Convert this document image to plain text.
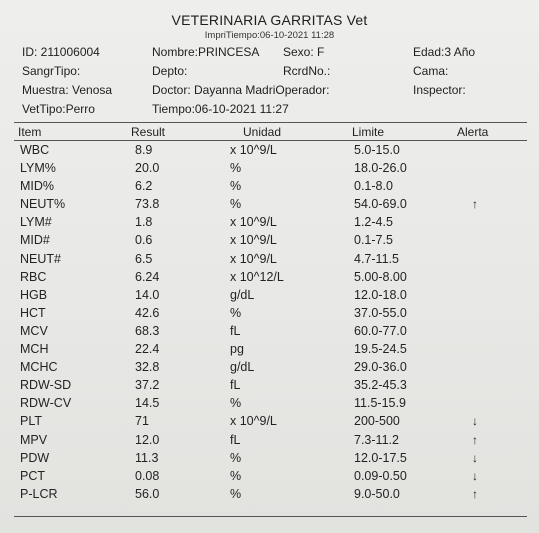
VETERINARIA GARRITAS Vet
ImpriTiempo:06-10-2021 11:28
ID: 211006004	Nombre:PRINCESA Sexo: F	Edad:3 Año
SangrTipo:	Depto:	RcrdNo.:	Cama:
Muestra: Venosa	Doctor: Dayanna MadriOperador:	Inspector:
VetTipo:Perro	Tiempo:06-10-2021 11:27
Item	Result	Unidad	Limite	Alerta
WBC	8.9	x 10^9/L	5.0-15.0
LYM%	20.0	%	18.0-26.0
MID%	6.2	%	0.1-8.0
NEUT%	73.8	%	54.0-69.0	↑
LYM#	1.8	x 10^9/L	1.2-4.5
MID#	0.6	x 10^9/L	0.1-7.5
NEUT#	6.5	x 10^9/L	4.7-11.5
RBC	6.24	x 10^12/L	5.00-8.00
HGB	14.0	g/dL	12.0-18.0
HCT	42.6	%	37.0-55.0
MCV	68.3	fL	60.0-77.0
MCH	22.4	pg	19.5-24.5
MCHC	32.8	g/dL	29.0-36.0
RDW-SD	37.2	fL	35.2-45.3
RDW-CV	14.5	%	11.5-15.9
PLT	71	x 10^9/L	200-500	↓
MPV	12.0	fL	7.3-11.2	↑
PDW	11.3	%	12.0-17.5	↓
PCT	0.08	%	0.09-0.50	↓
P-LCR	56.0	%	9.0-50.0	↑
